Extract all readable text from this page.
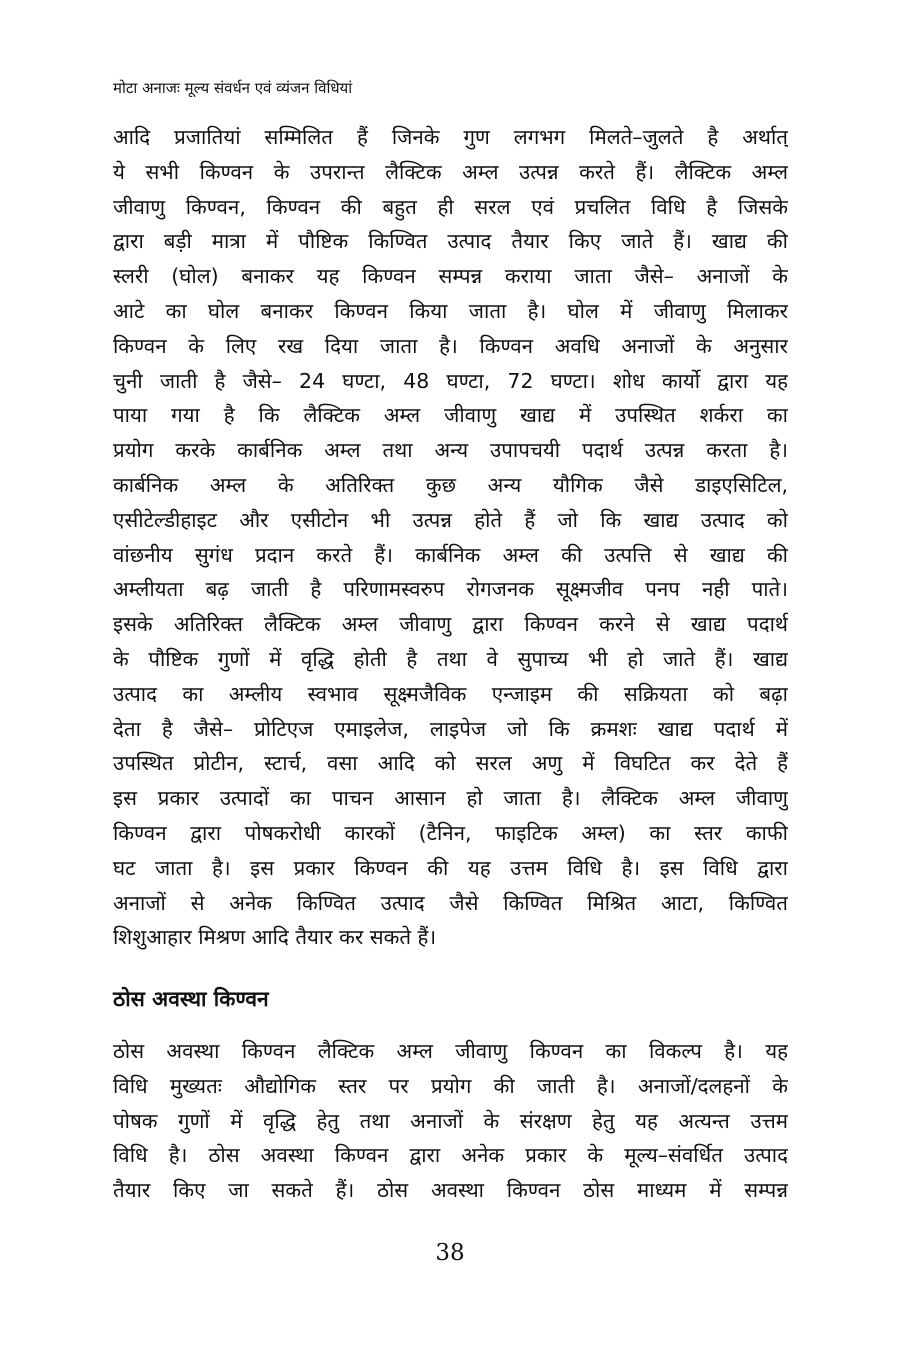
मोटा अनाजः मूल्य संवर्धन एवं व्यंजन विधियां
आदि प्रजातियां सम्मिलित हैं जिनके गुण लगभग मिलते–जुलते है अर्थात्
ये सभी किण्वन के उपरान्त लैक्टिक अम्ल उत्पन्न करते हैं। लैक्टिक अम्ल
जीवाणु किण्वन, किण्वन की बहुत ही सरल एवं प्रचलित विधि है जिसके
द्वारा बड़ी मात्रा में पौष्टिक किण्वित उत्पाद तैयार किए जाते हैं। खाद्य की
स्लरी (घोल) बनाकर यह किण्वन सम्पन्न कराया जाता जैसे– अनाजों के
आटे का घोल बनाकर किण्वन किया जाता है। घोल में जीवाणु मिलाकर
किण्वन के लिए रख दिया जाता है। किण्वन अवधि अनाजों के अनुसार
चुनी जाती है जैसे– 24 घण्टा, 48 घण्टा, 72 घण्टा। शोध कार्यो द्वारा यह
पाया गया है कि लैक्टिक अम्ल जीवाणु खाद्य में उपस्थित शर्करा का
प्रयोग करके कार्बनिक अम्ल तथा अन्य उपापचयी पदार्थ उत्पन्न करता है।
कार्बनिक अम्ल के अतिरिक्त कुछ अन्य यौगिक जैसे डाइएसिटिल,
एसीटेल्डीहाइट और एसीटोन भी उत्पन्न होते हैं जो कि खाद्य उत्पाद को
वांछनीय सुगंध प्रदान करते हैं। कार्बनिक अम्ल की उत्पत्ति से खाद्य की
अम्लीयता बढ़ जाती है परिणामस्वरुप रोगजनक सूक्ष्मजीव पनप नही पाते।
इसके अतिरिक्त लैक्टिक अम्ल जीवाणु द्वारा किण्वन करने से खाद्य पदार्थ
के पौष्टिक गुणों में वृद्धि होती है तथा वे सुपाच्य भी हो जाते हैं। खाद्य
उत्पाद का अम्लीय स्वभाव सूक्ष्मजैविक एन्जाइम की सक्रियता को बढ़ा
देता है जैसे– प्रोटिएज एमाइलेज, लाइपेज जो कि क्रमशः खाद्य पदार्थ में
उपस्थित प्रोटीन, स्टार्च, वसा आदि को सरल अणु में विघटित कर देते हैं
इस प्रकार उत्पादों का पाचन आसान हो जाता है। लैक्टिक अम्ल जीवाणु
किण्वन द्वारा पोषकरोधी कारकों (टैनिन, फाइटिक अम्ल) का स्तर काफी
घट जाता है। इस प्रकार किण्वन की यह उत्तम विधि है। इस विधि द्वारा
अनाजों से अनेक किण्वित उत्पाद जैसे किण्वित मिश्रित आटा, किण्वित
शिशुआहार मिश्रण आदि तैयार कर सकते हैं।
ठोस अवस्था किण्वन
ठोस अवस्था किण्वन लैक्टिक अम्ल जीवाणु किण्वन का विकल्प है। यह
विधि मुख्यतः औद्योगिक स्तर पर प्रयोग की जाती है। अनाजों/दलहनों के
पोषक गुणों में वृद्धि हेतु तथा अनाजों के संरक्षण हेतु यह अत्यन्त उत्तम
विधि है। ठोस अवस्था किण्वन द्वारा अनेक प्रकार के मूल्य–संवर्धित उत्पाद
तैयार किए जा सकते हैं। ठोस अवस्था किण्वन ठोस माध्यम में सम्पन्न
38
